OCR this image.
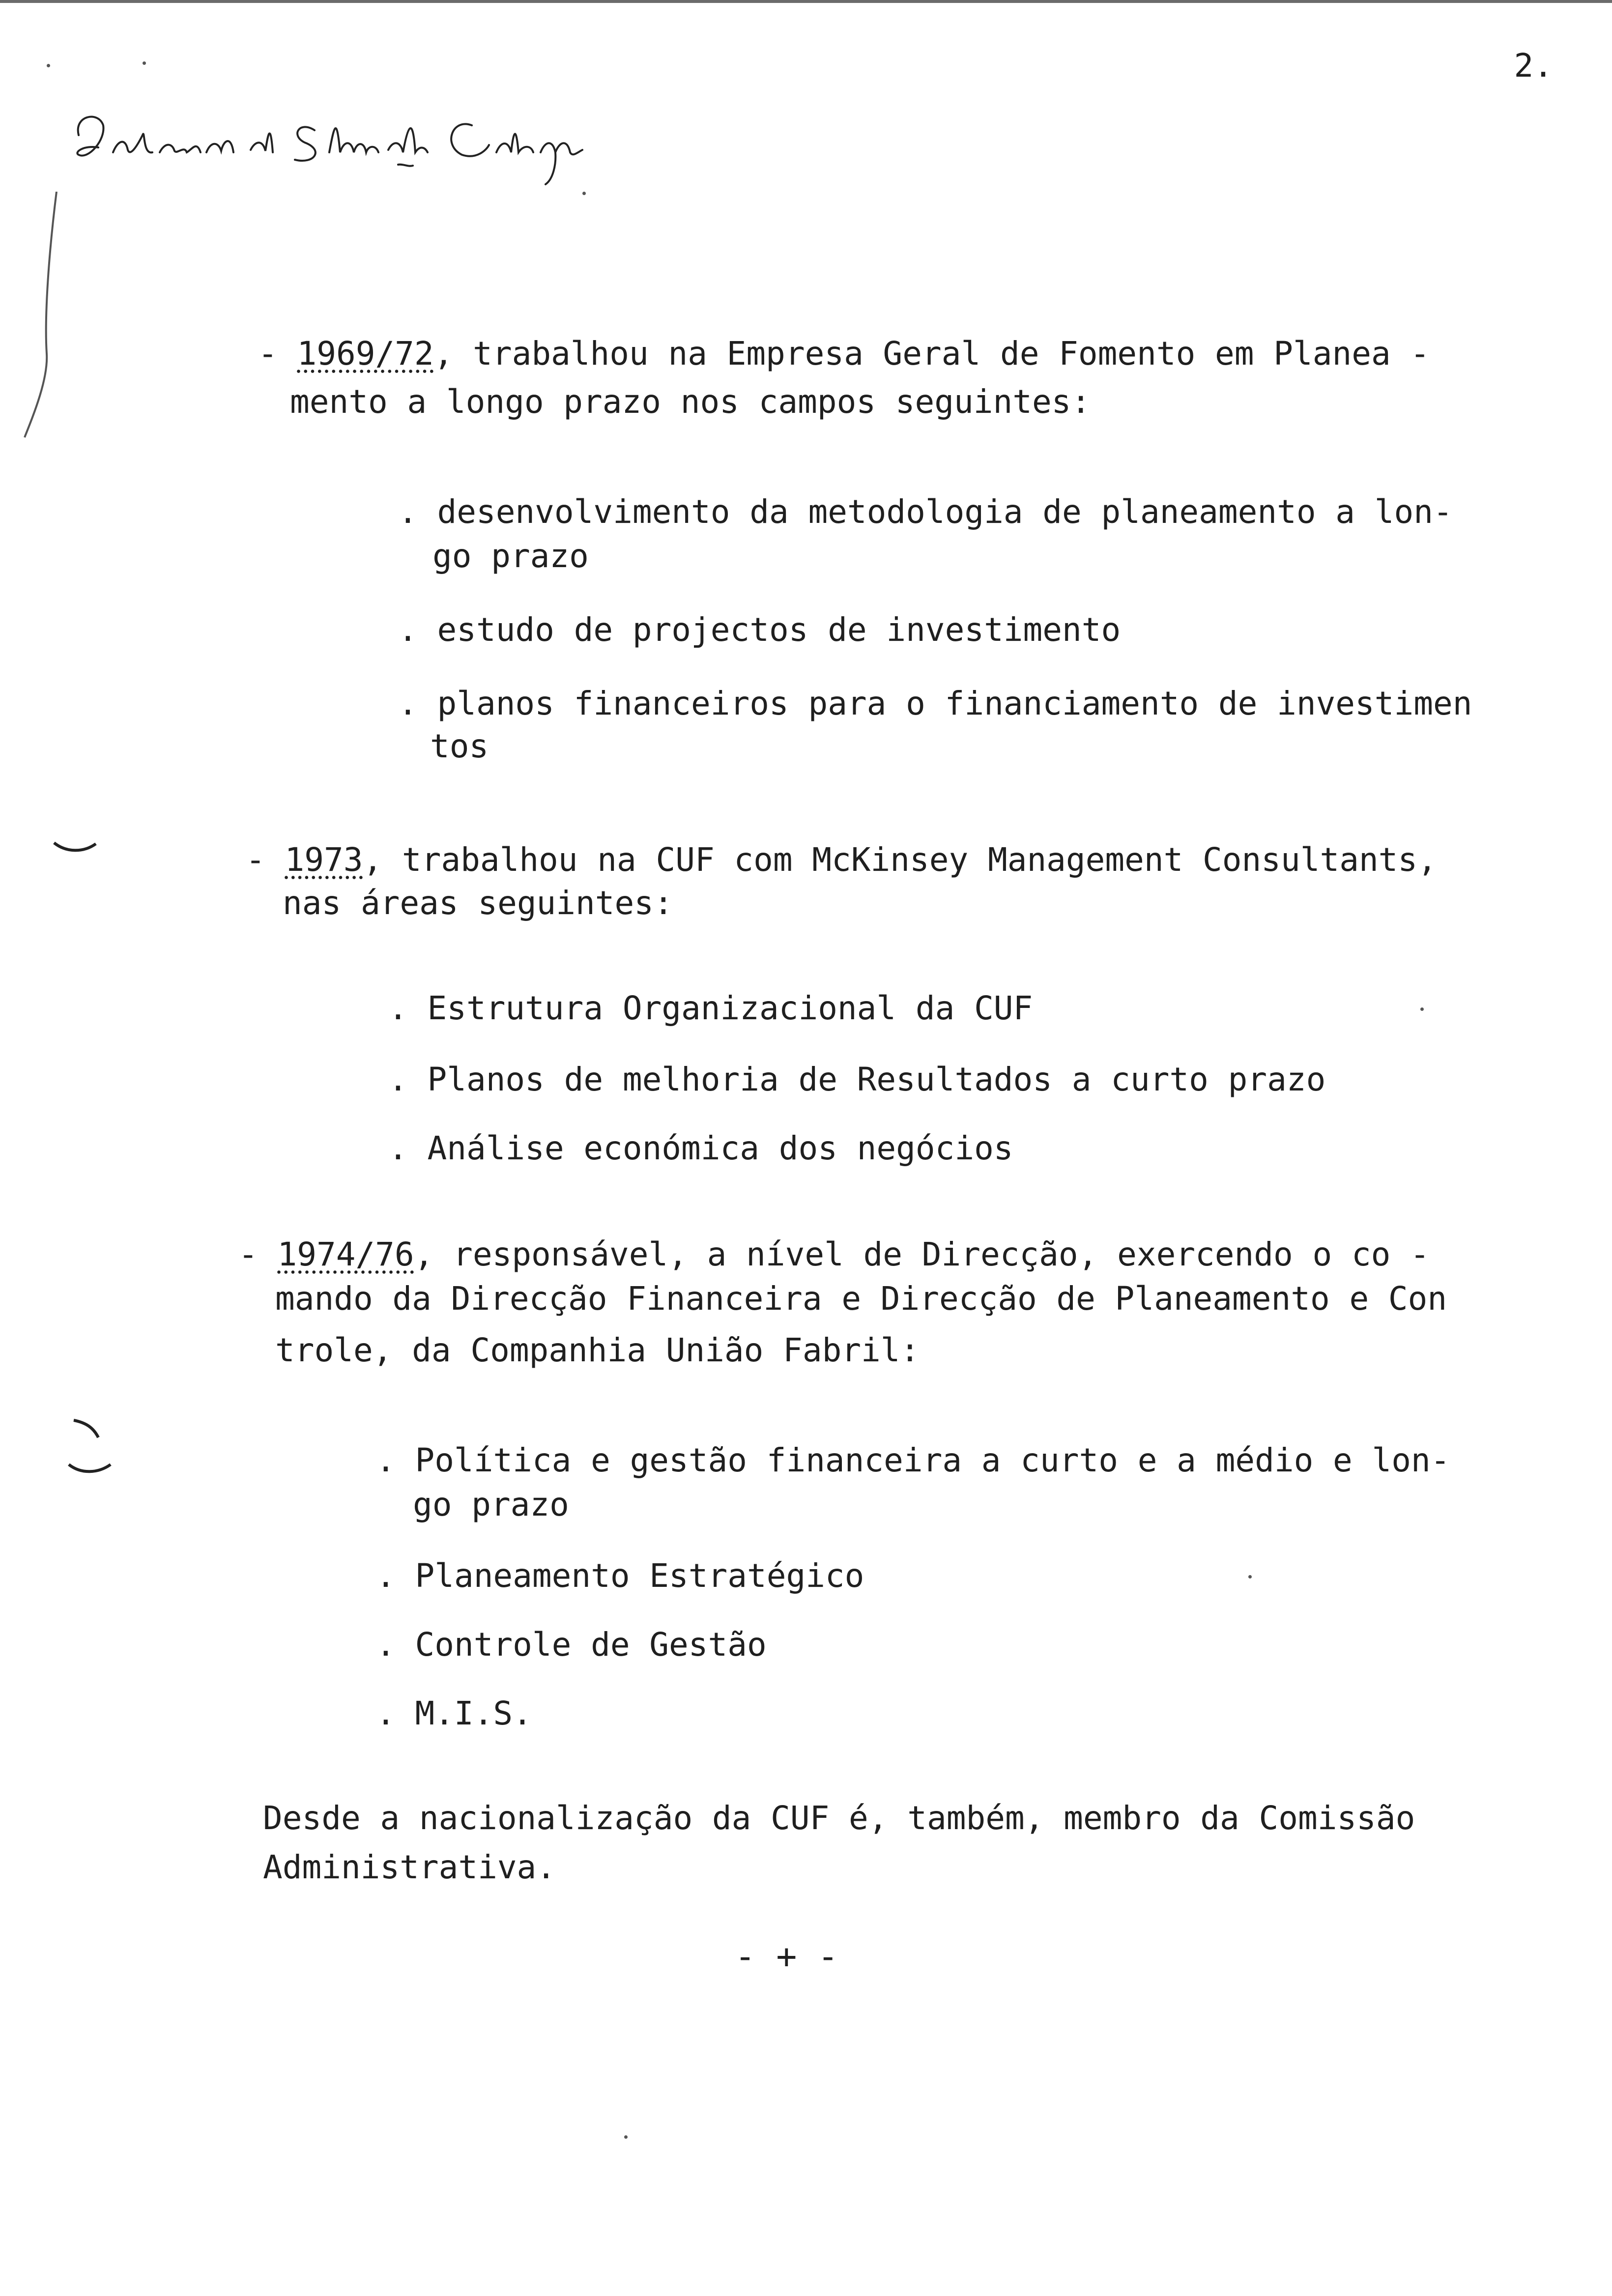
2.
- 1969/72, trabalhou na Empresa Geral de Fomento em Planea -
mento a longo prazo nos campos seguintes:
. desenvolvimento da metodologia de planeamento a lon-
go prazo
. estudo de projectos de investimento
. planos financeiros para o financiamento de investimen
tos
- 1973, trabalhou na CUF com McKinsey Management Consultants,
nas áreas seguintes:
. Estrutura Organizacional da CUF
. Planos de melhoria de Resultados a curto prazo
. Análise económica dos negócios
- 1974/76, responsável, a nível de Direcção, exercendo o co -
mando da Direcção Financeira e Direcção de Planeamento e Con
trole, da Companhia União Fabril:
. Política e gestão financeira a curto e a médio e lon-
go prazo
. Planeamento Estratégico
. Controle de Gestão
. M.I.S.
Desde a nacionalização da CUF é, também, membro da Comissão
Administrativa.
- + -
